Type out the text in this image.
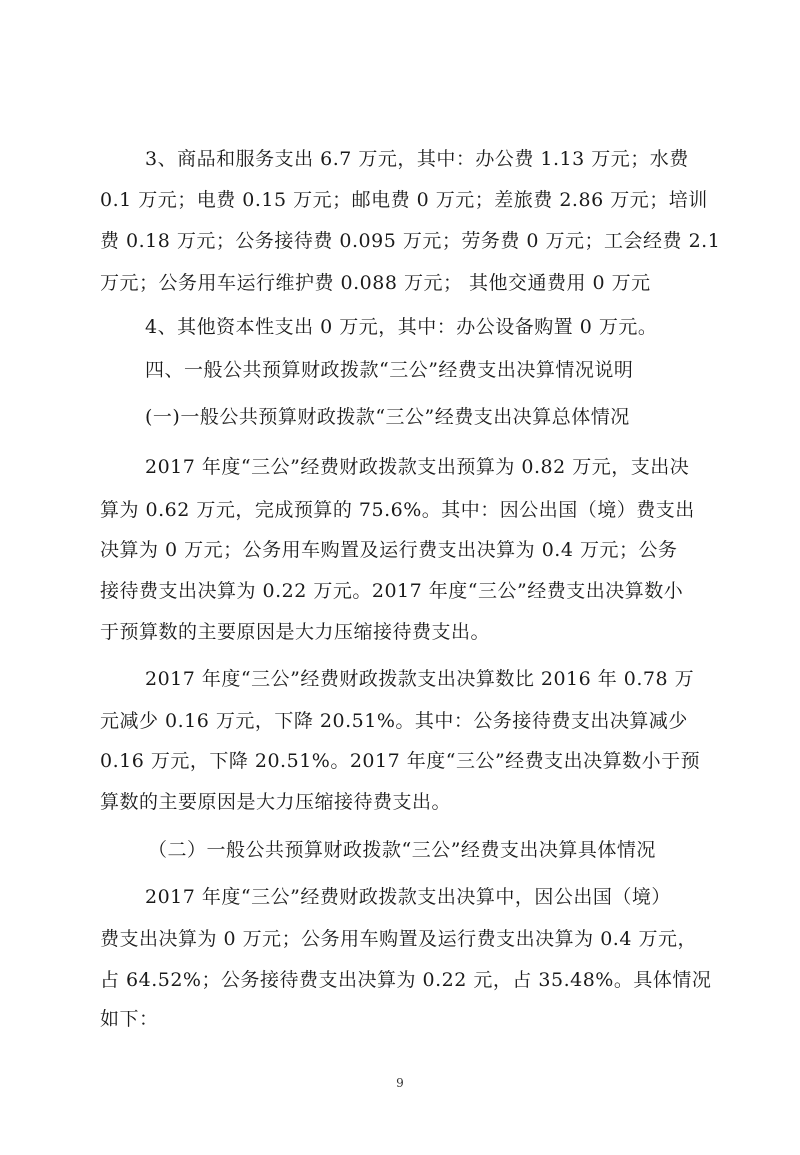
3、商品和服务支出 6.7 万元，其中：办公费 1.13 万元；水费
0.1 万元；电费 0.15 万元；邮电费 0 万元；差旅费 2.86 万元；培训
费 0.18 万元；公务接待费 0.095 万元；劳务费 0 万元；工会经费 2.1
万元；公务用车运行维护费 0.088 万元； 其他交通费用 0 万元
4、其他资本性支出 0 万元，其中：办公设备购置 0 万元。
四、一般公共预算财政拨款“三公”经费支出决算情况说明
(一)一般公共预算财政拨款“三公”经费支出决算总体情况
2017 年度“三公”经费财政拨款支出预算为 0.82 万元，支出决
算为 0.62 万元，完成预算的 75.6%。其中：因公出国（境）费支出
决算为 0 万元；公务用车购置及运行费支出决算为 0.4 万元；公务
接待费支出决算为 0.22 万元。2017 年度“三公”经费支出决算数小
于预算数的主要原因是大力压缩接待费支出。
2017 年度“三公”经费财政拨款支出决算数比 2016 年 0.78 万
元减少 0.16 万元，下降 20.51%。其中：公务接待费支出决算减少
0.16 万元，下降 20.51%。2017 年度“三公”经费支出决算数小于预
算数的主要原因是大力压缩接待费支出。
（二）一般公共预算财政拨款“三公”经费支出决算具体情况
2017 年度“三公”经费财政拨款支出决算中，因公出国（境）
费支出决算为 0 万元；公务用车购置及运行费支出决算为 0.4 万元，
占 64.52%；公务接待费支出决算为 0.22 元，占 35.48%。具体情况
如下：
9
